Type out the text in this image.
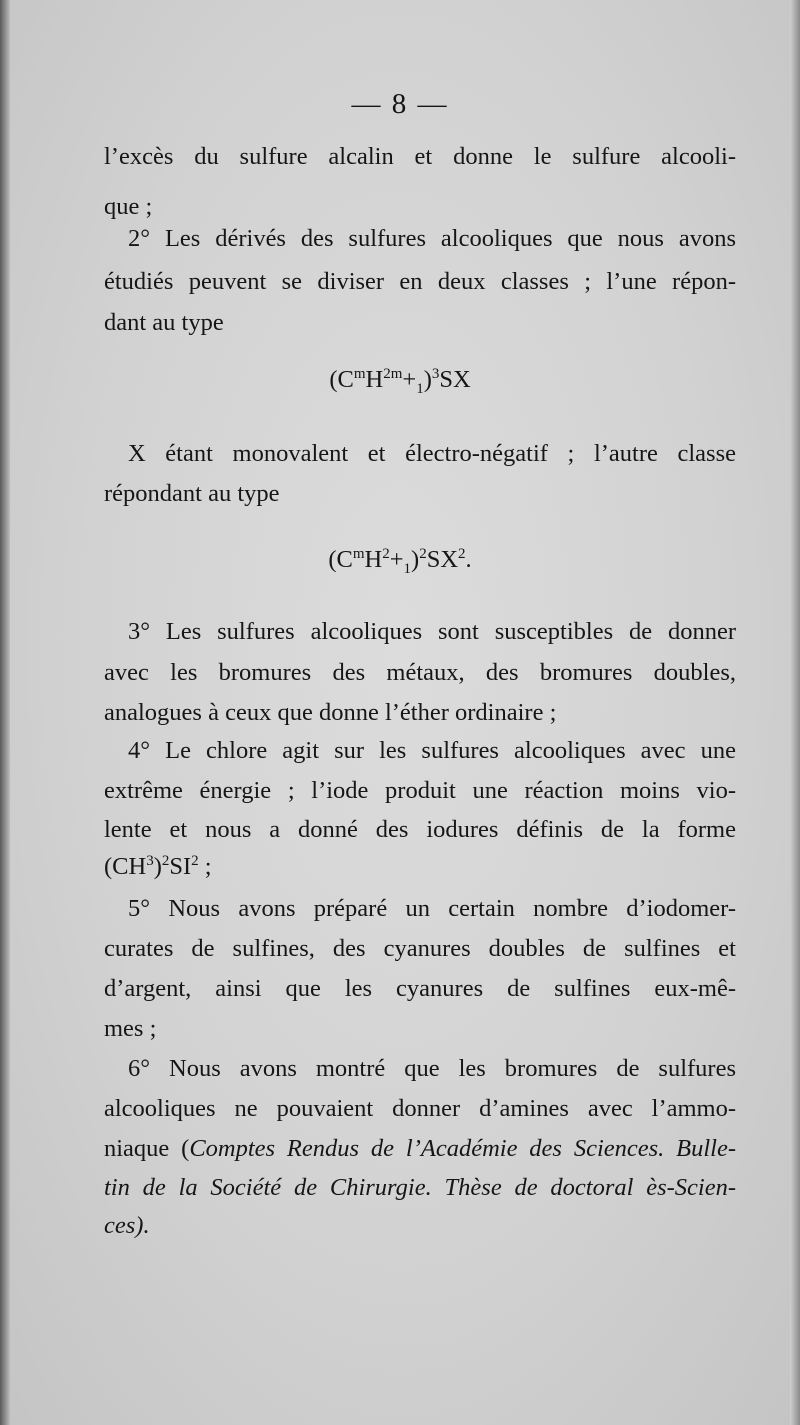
— 8 —
l’excès du sulfure alcalin et donne le sulfure alcooli-
que ;
2° Les dérivés des sulfures alcooliques que nous avons
étudiés peuvent se diviser en deux classes ; l’une répon-
dant au type
$(C^mH^{2m}+_1)^3SX$
X étant monovalent et électro-négatif ; l’autre classe
répondant au type
$(C^mH^2+_1)^2SX^2$.
3° Les sulfures alcooliques sont susceptibles de donner
avec les bromures des métaux, des bromures doubles,
analogues à ceux que donne l’éther ordinaire ;
4° Le chlore agit sur les sulfures alcooliques avec une
extrême énergie ; l’iode produit une réaction moins vio-
lente et nous a donné des iodures définis de la forme
$(CH^3)^2SI^2$ ;
5° Nous avons préparé un certain nombre d’iodomer-
curates de sulfines, des cyanures doubles de sulfines et
d’argent, ainsi que les cyanures de sulfines eux-mê-
mes ;
6° Nous avons montré que les bromures de sulfures
alcooliques ne pouvaient donner d’amines avec l’ammo-
niaque (Comptes Rendus de l’Académie des Sciences. Bulle-
tin de la Société de Chirurgie. Thèse de doctoral ès-Scien-
ces).
